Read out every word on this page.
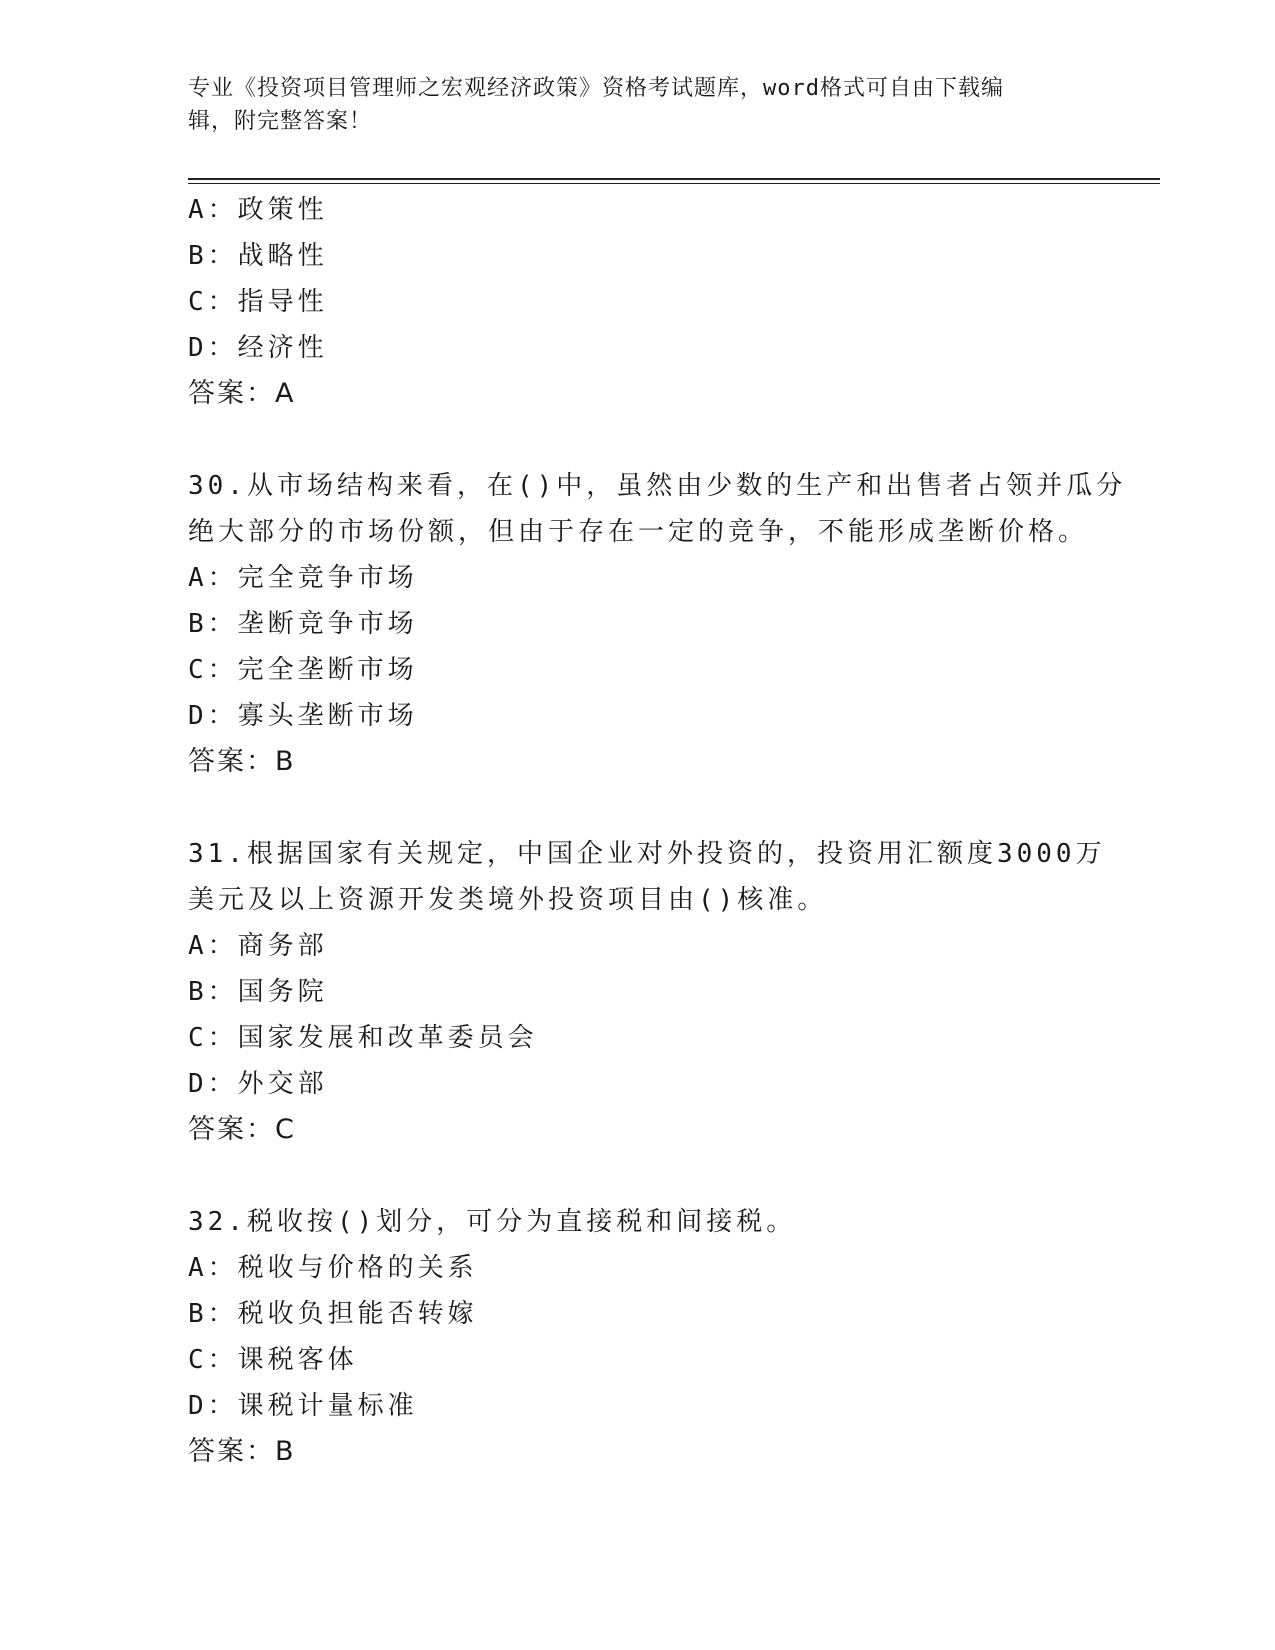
专业《投资项目管理师之宏观经济政策》资格考试题库，word格式可自由下载编
辑，附完整答案！
A：政策性
B：战略性
C：指导性
D：经济性
答案：A
30.从市场结构来看，在()中，虽然由少数的生产和出售者占领并瓜分
绝大部分的市场份额，但由于存在一定的竞争，不能形成垄断价格。
A：完全竞争市场
B：垄断竞争市场
C：完全垄断市场
D：寡头垄断市场
答案：B
31.根据国家有关规定，中国企业对外投资的，投资用汇额度3000万
美元及以上资源开发类境外投资项目由()核准。
A：商务部
B：国务院
C：国家发展和改革委员会
D：外交部
答案：C
32.税收按()划分，可分为直接税和间接税。
A：税收与价格的关系
B：税收负担能否转嫁
C：课税客体
D：课税计量标准
答案：B
